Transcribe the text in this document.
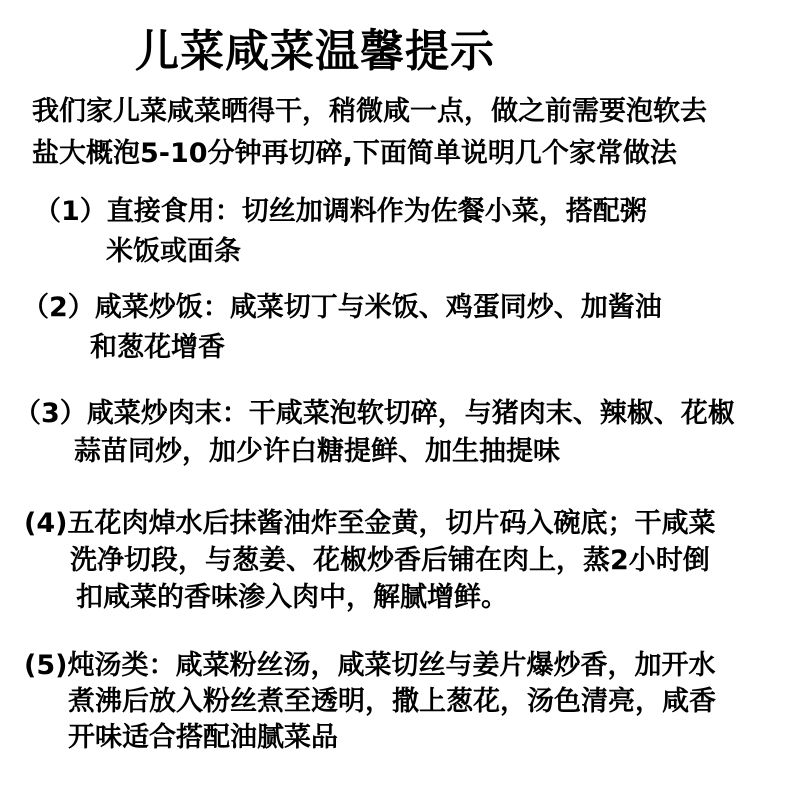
儿菜咸菜温馨提示

我们家儿菜咸菜晒得干，稍微咸一点，做之前需要泡软去

盐大概泡5-10分钟再切碎,下面简单说明几个家常做法

（1）直接食用：切丝加调料作为佐餐小菜，搭配粥

米饭或面条

（2）咸菜炒饭：咸菜切丁与米饭、鸡蛋同炒、加酱油

和葱花增香

（3）咸菜炒肉末：干咸菜泡软切碎，与猪肉末、辣椒、花椒

蒜苗同炒，加少许白糖提鲜、加生抽提味

(4)五花肉焯水后抹酱油炸至金黄，切片码入碗底；干咸菜

洗净切段，与葱姜、花椒炒香后铺在肉上，蒸2小时倒

扣咸菜的香味渗入肉中，解腻增鲜。

(5)炖汤类：咸菜粉丝汤，咸菜切丝与姜片爆炒香，加开水

煮沸后放入粉丝煮至透明，撒上葱花，汤色清亮，咸香

开味适合搭配油腻菜品
